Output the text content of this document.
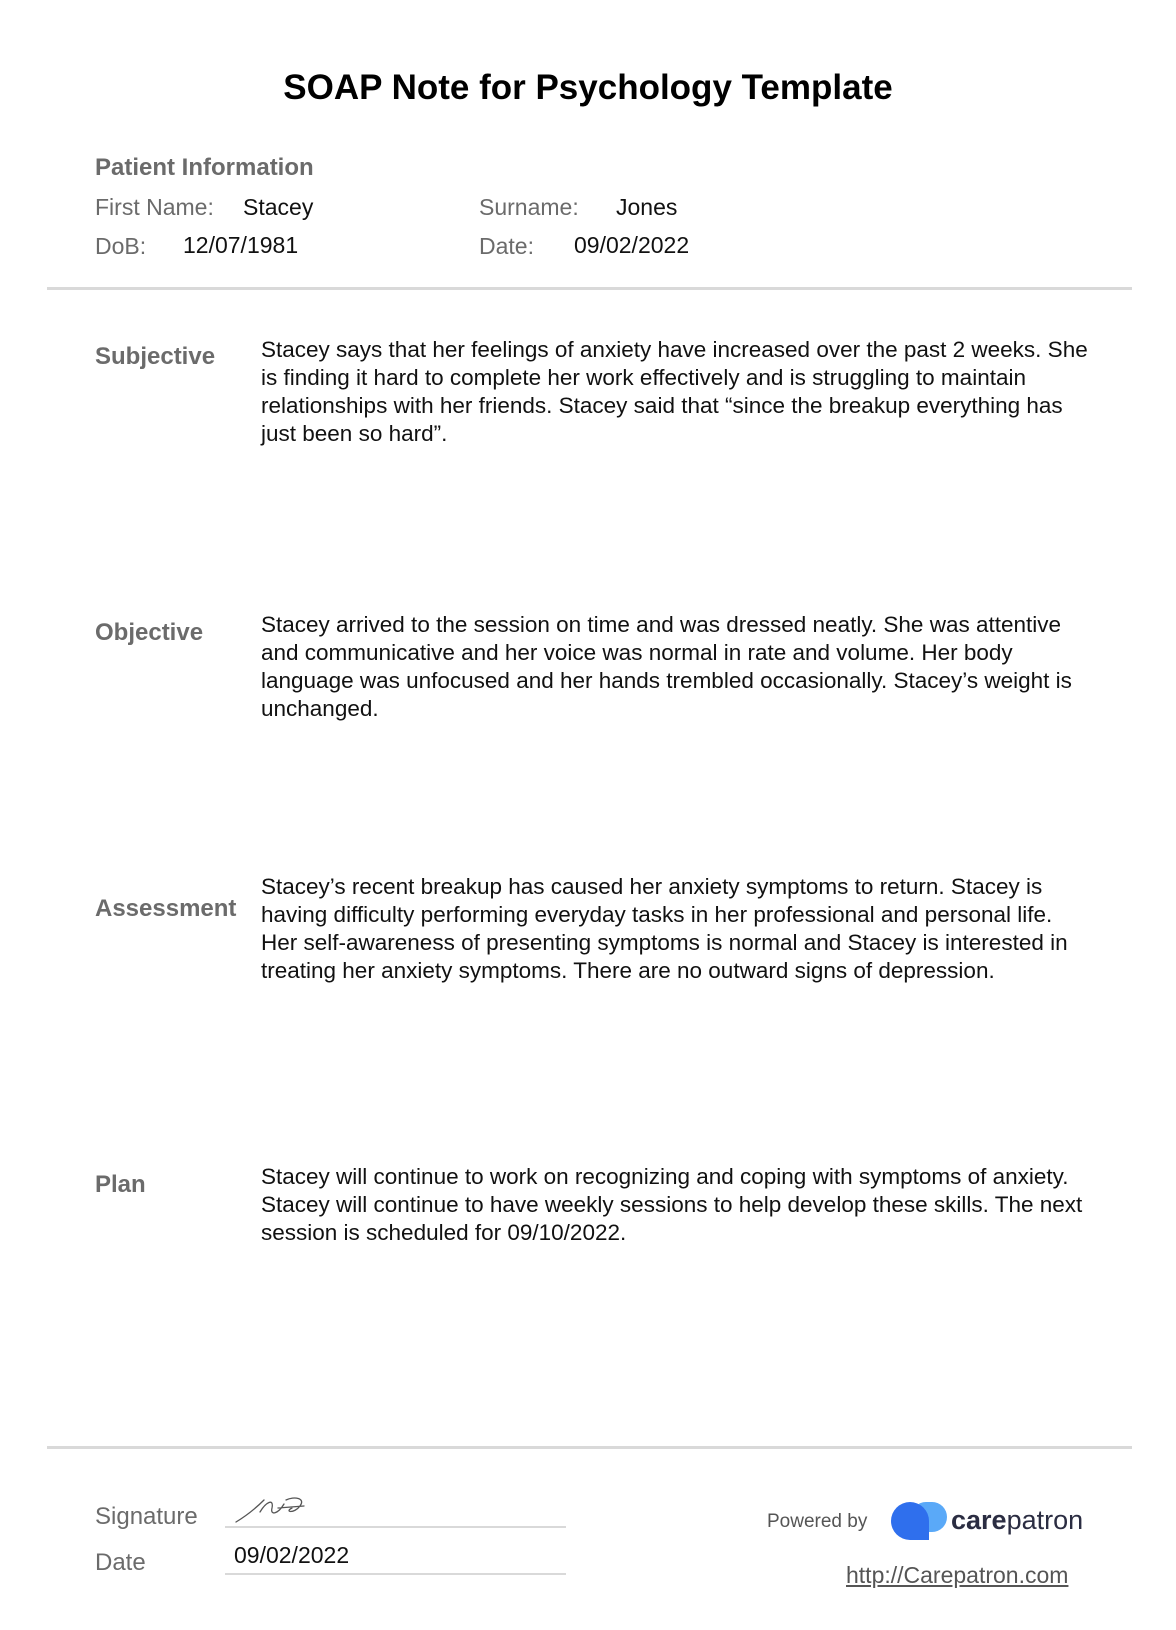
SOAP Note for Psychology Template
Patient Information
First Name: Stacey	Surname: Jones
DoB: 12/07/1981	Date: 09/02/2022
Subjective Stacey says that her feelings of anxiety have increased over the past 2 weeks. She is finding it hard to complete her work effectively and is struggling to maintain relationships with her friends. Stacey said that “since the breakup everything has just been so hard”.
Objective	Stacey arrived to the session on time and was dressed neatly. She was attentive and communicative and her voice was normal in rate and volume. Her body language was unfocused and her hands trembled occasionally. Stacey’s weight is unchanged.
Assessment
Stacey’s recent breakup has caused her anxiety symptoms to return. Stacey is having difficulty performing everyday tasks in her professional and personal life. Her self-awareness of presenting symptoms is normal and Stacey is interested in treating her anxiety symptoms. There are no outward signs of depression.
Plan	Stacey will continue to work on recognizing and coping with symptoms of anxiety. Stacey will continue to have weekly sessions to help develop these skills. The next session is scheduled for 09/10/2022.
Signature
Date	09/02/2022
Powered by	carepatron
http://Carepatron.com
